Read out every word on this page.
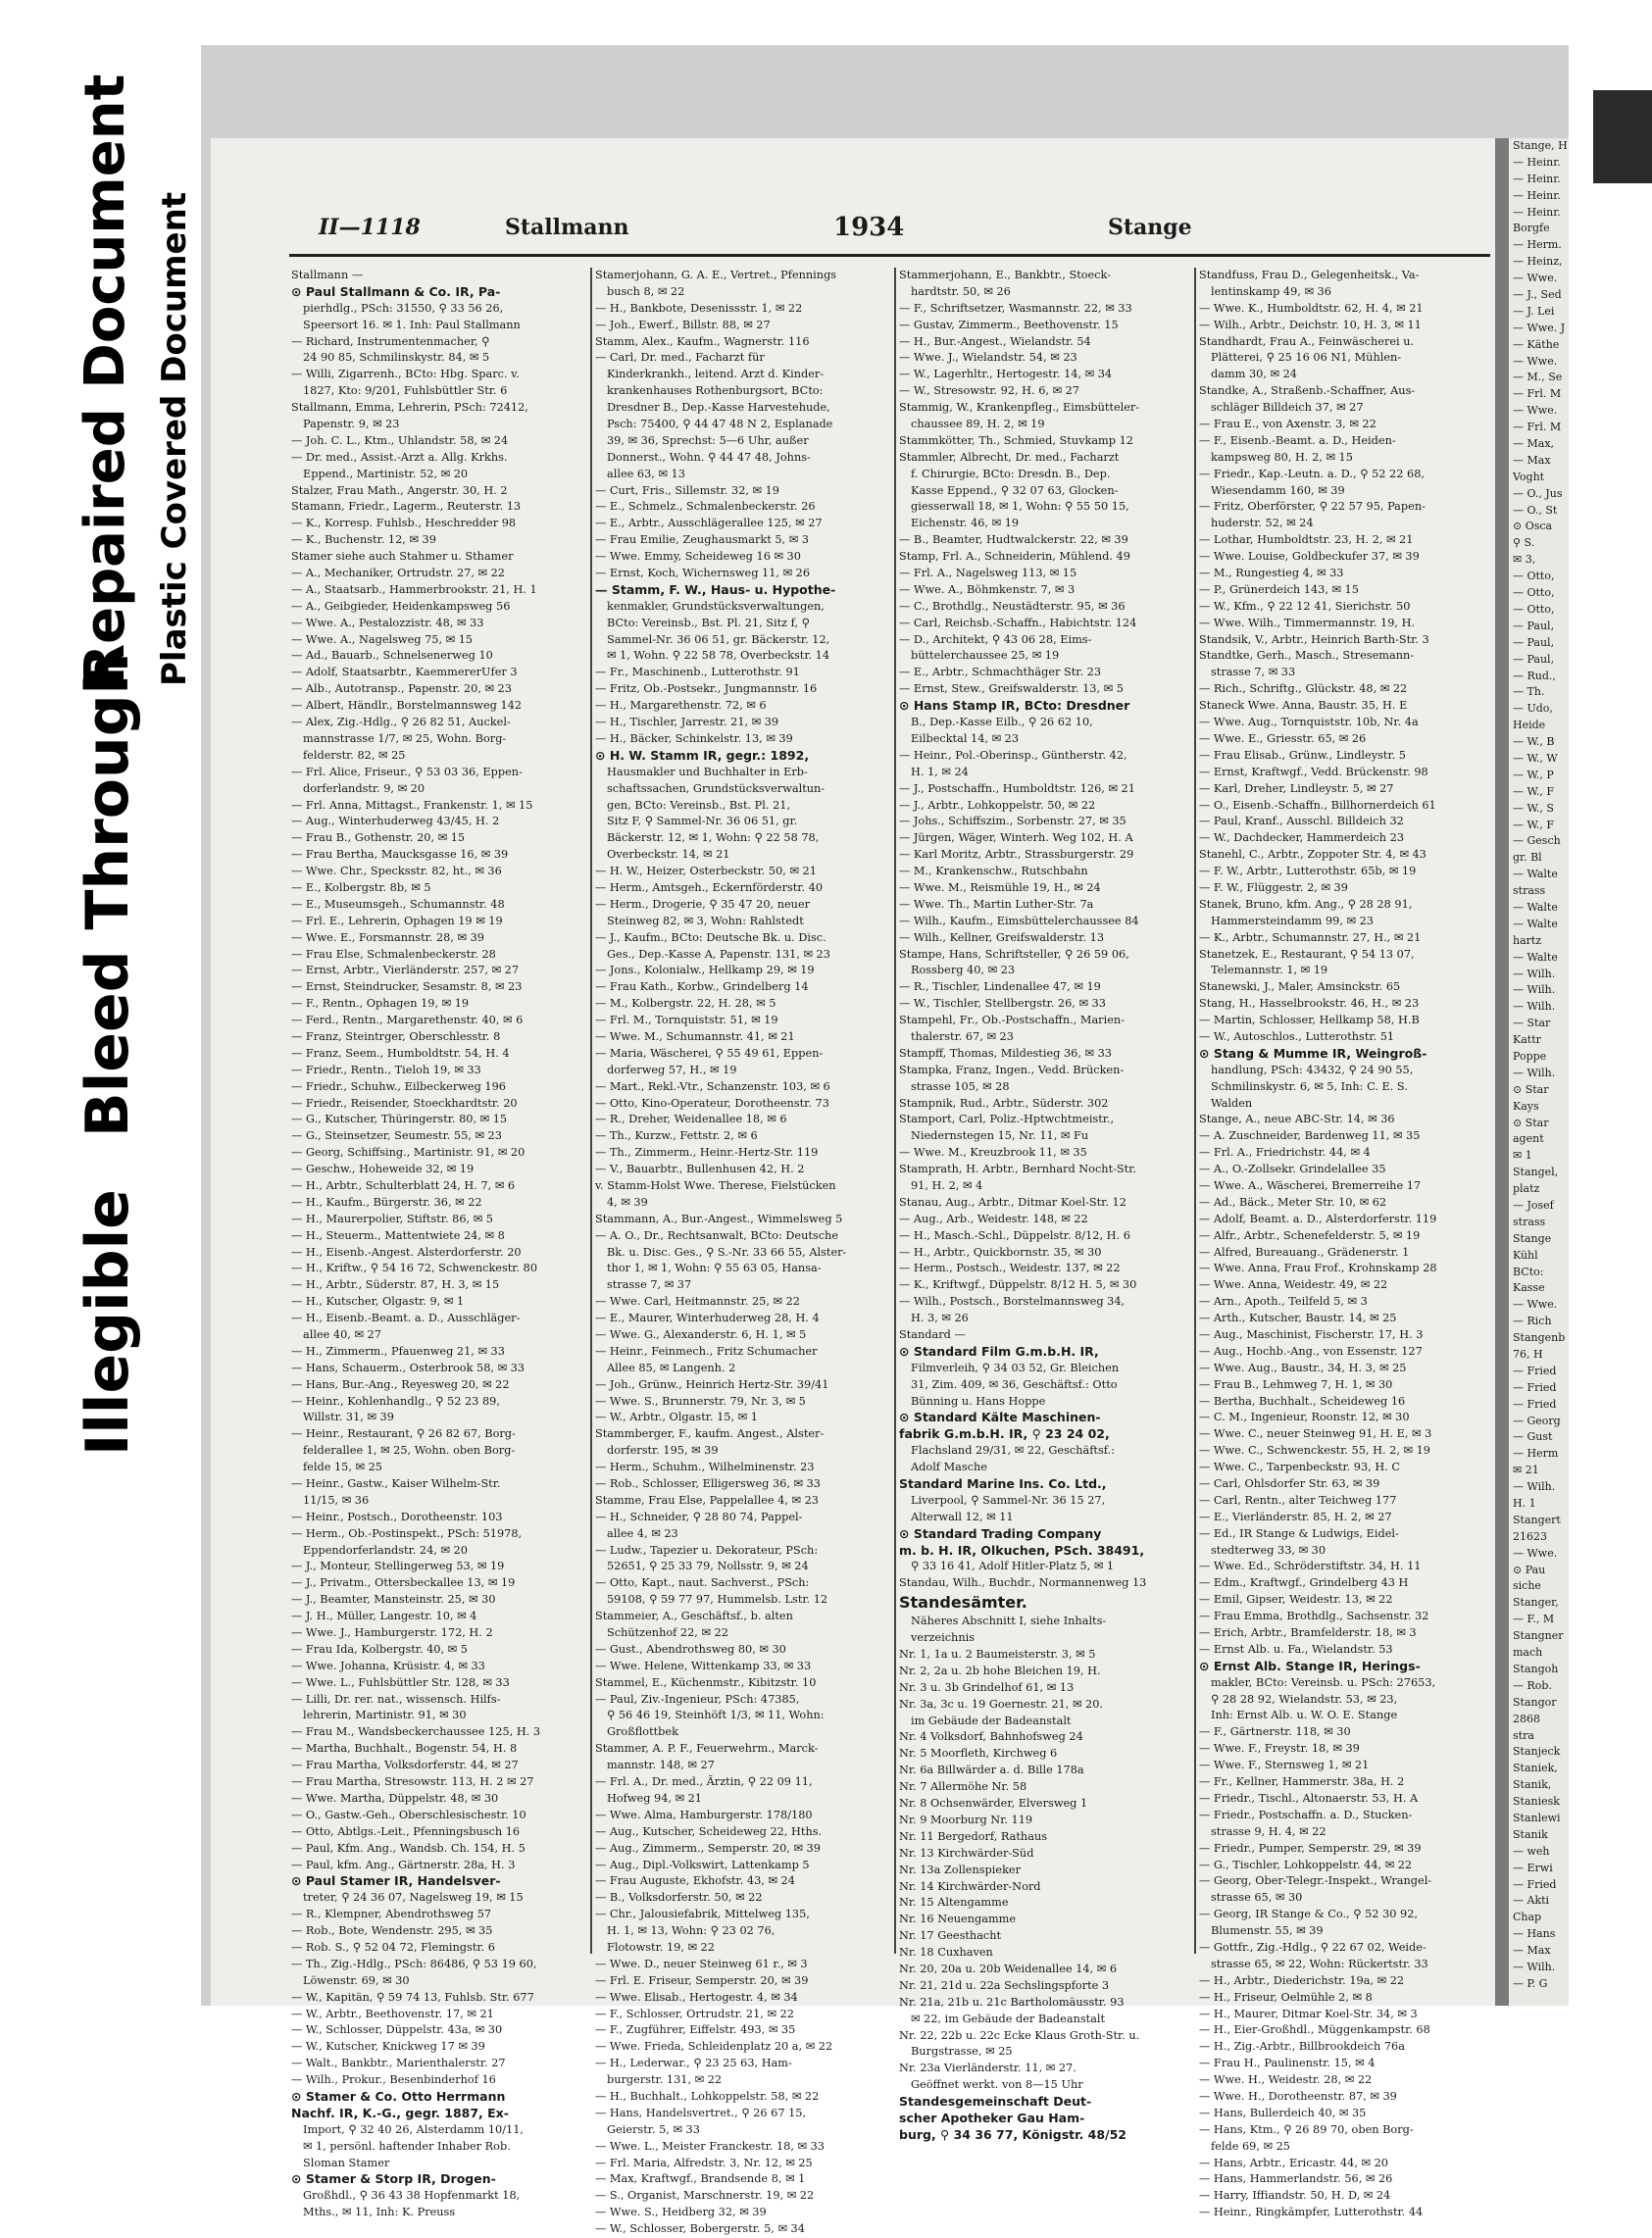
Illegible
Bleed Through
Repaired Document Plastic Covered Document	II—1118	Stallmann	1934	Stange
Stallmann —
⊙ Paul Stallmann & Co. IR, Pa-
pierhdlg., PSch: 31550, ⚲ 33 56 26,
Speersort 16. ✉ 1. Inh: Paul Stallmann
— Richard, Instrumentenmacher, ⚲
24 90 85, Schmilinskystr. 84, ✉ 5
— Willi, Zigarrenh., BCto: Hbg. Sparc. v.
1827, Kto: 9/201, Fuhlsbüttler Str. 6
Stallmann, Emma, Lehrerin, PSch: 72412,
Papenstr. 9, ✉ 23
— Joh. C. L., Ktm., Uhlandstr. 58, ✉ 24
— Dr. med., Assist.-Arzt a. Allg. Krkhs.
Eppend., Martinistr. 52, ✉ 20
Stalzer, Frau Math., Angerstr. 30, H. 2
Stamann, Friedr., Lagerm., Reuterstr. 13
— K., Korresp. Fuhlsb., Heschredder 98
— K., Buchenstr. 12, ✉ 39
Stamer siehe auch Stahmer u. Sthamer
— A., Mechaniker, Ortrudstr. 27, ✉ 22
— A., Staatsarb., Hammerbrookstr. 21, H. 1
— A., Geibgieder, Heidenkampsweg 56
— Wwe. A., Pestalozzistr. 48, ✉ 33
— Wwe. A., Nagelsweg 75, ✉ 15
— Ad., Bauarb., Schnelsenerweg 10
— Adolf, Staatsarbtr., KaemmererUfer 3
— Alb., Autotransp., Papenstr. 20, ✉ 23
— Albert, Händlr., Borstelmannsweg 142
— Alex, Zig.-Hdlg., ⚲ 26 82 51, Auckel-
mannstrasse 1/7, ✉ 25, Wohn. Borg-
felderstr. 82, ✉ 25
— Frl. Alice, Friseur., ⚲ 53 03 36, Eppen-
dorferlandstr. 9, ✉ 20
— Frl. Anna, Mittagst., Frankenstr. 1, ✉ 15
— Aug., Winterhuderweg 43/45, H. 2
— Frau B., Gothenstr. 20, ✉ 15
— Frau Bertha, Maucksgasse 16, ✉ 39
— Wwe. Chr., Specksstr. 82, ht., ✉ 36
— E., Kolbergstr. 8b, ✉ 5
— E., Museumsgeh., Schumannstr. 48
— Frl. E., Lehrerin, Ophagen 19 ✉ 19
— Wwe. E., Forsmannstr. 28, ✉ 39
— Frau Else, Schmalenbeckerstr. 28
— Ernst, Arbtr., Vierländerstr. 257, ✉ 27
— Ernst, Steindrucker, Sesamstr. 8, ✉ 23
— F., Rentn., Ophagen 19, ✉ 19
— Ferd., Rentn., Margarethenstr. 40, ✉ 6
— Franz, Steintrger, Oberschlesstr. 8
— Franz, Seem., Humboldtstr. 54, H. 4
— Friedr., Rentn., Tieloh 19, ✉ 33
— Friedr., Schuhw., Eilbeckerweg 196
— Friedr., Reisender, Stoeckhardtstr. 20
— G., Kutscher, Thüringerstr. 80, ✉ 15
— G., Steinsetzer, Seumestr. 55, ✉ 23
— Georg, Schiffsing., Martinistr. 91, ✉ 20
— Geschw., Hoheweide 32, ✉ 19
— H., Arbtr., Schulterblatt 24, H. 7, ✉ 6
— H., Kaufm., Bürgerstr. 36, ✉ 22
— H., Maurerpolier, Stiftstr. 86, ✉ 5
— H., Steuerm., Mattentwiete 24, ✉ 8
— H., Eisenb.-Angest. Alsterdorferstr. 20
— H., Kriftw., ⚲ 54 16 72, Schwenckestr. 80
— H., Arbtr., Süderstr. 87, H. 3, ✉ 15
— H., Kutscher, Olgastr. 9, ✉ 1
— H., Eisenb.-Beamt. a. D., Ausschläger-
allee 40, ✉ 27
— H., Zimmerm., Pfauenweg 21, ✉ 33
— Hans, Schauerm., Osterbrook 58, ✉ 33
— Hans, Bur.-Ang., Reyesweg 20, ✉ 22
— Heinr., Kohlenhandlg., ⚲ 52 23 89,
Willstr. 31, ✉ 39
— Heinr., Restaurant, ⚲ 26 82 67, Borg-
felderallee 1, ✉ 25, Wohn. oben Borg-
felde 15, ✉ 25
— Heinr., Gastw., Kaiser Wilhelm-Str.
11/15, ✉ 36
— Heinr., Postsch., Dorotheenstr. 103
— Herm., Ob.-Postinspekt., PSch: 51978,
Eppendorferlandstr. 24, ✉ 20
— J., Monteur, Stellingerweg 53, ✉ 19
— J., Privatm., Ottersbeckallee 13, ✉ 19
— J., Beamter, Mansteinstr. 25, ✉ 30
— J. H., Müller, Langestr. 10, ✉ 4
— Wwe. J., Hamburgerstr. 172, H. 2
— Frau Ida, Kolbergstr. 40, ✉ 5
— Wwe. Johanna, Krüsistr. 4, ✉ 33
— Wwe. L., Fuhlsbüttler Str. 128, ✉ 33
— Lilli, Dr. rer. nat., wissensch. Hilfs-
lehrerin, Martinistr. 91, ✉ 30
— Frau M., Wandsbeckerchaussee 125, H. 3
— Martha, Buchhalt., Bogenstr. 54, H. 8
— Frau Martha, Volksdorferstr. 44, ✉ 27
— Frau Martha, Stresowstr. 113, H. 2 ✉ 27
— Wwe. Martha, Düppelstr. 48, ✉ 30
— O., Gastw.-Geh., Oberschlesischestr. 10
— Otto, Abtlgs.-Leit., Pfenningsbusch 16
— Paul, Kfm. Ang., Wandsb. Ch. 154, H. 5
— Paul, kfm. Ang., Gärtnerstr. 28a, H. 3
⊙ Paul Stamer IR, Handelsver-
treter, ⚲ 24 36 07, Nagelsweg 19, ✉ 15
— R., Klempner, Abendrothsweg 57
— Rob., Bote, Wendenstr. 295, ✉ 35
— Rob. S., ⚲ 52 04 72, Flemingstr. 6
— Th., Zig.-Hdlg., PSch: 86486, ⚲ 53 19 60,
Löwenstr. 69, ✉ 30
— W., Kapitän, ⚲ 59 74 13, Fuhlsb. Str. 677
— W., Arbtr., Beethovenstr. 17, ✉ 21
— W., Schlosser, Düppelstr. 43a, ✉ 30
— W., Kutscher, Knickweg 17 ✉ 39
— Walt., Bankbtr., Marienthalerstr. 27
— Wilh., Prokur., Besenbinderhof 16
⊙ Stamer & Co. Otto Herrmann
Nachf. IR, K.-G., gegr. 1887, Ex-
Import, ⚲ 32 40 26, Alsterdamm 10/11,
✉ 1, persönl. haftender Inhaber Rob.
Sloman Stamer
⊙ Stamer & Storp IR, Drogen-
Großhdl., ⚲ 36 43 38 Hopfenmarkt 18,
Mths., ✉ 11, Inh: K. Preuss
Stamerjohann, G. A. E., Vertret., Pfennings
busch 8, ✉ 22
— H., Bankbote, Desenissstr. 1, ✉ 22
— Joh., Ewerf., Billstr. 88, ✉ 27
Stamm, Alex., Kaufm., Wagnerstr. 116
— Carl, Dr. med., Facharzt für
Kinderkrankh., leitend. Arzt d. Kinder-
krankenhauses Rothenburgsort, BCto:
Dresdner B., Dep.-Kasse Harvestehude,
Psch: 75400, ⚲ 44 47 48 N 2, Esplanade
39, ✉ 36, Sprechst: 5—6 Uhr, außer
Donnerst., Wohn. ⚲ 44 47 48, Johns-
allee 63, ✉ 13
— Curt, Fris., Sillemstr. 32, ✉ 19
— E., Schmelz., Schmalenbeckerstr. 26
— E., Arbtr., Ausschlägerallee 125, ✉ 27
— Frau Emilie, Zeughausmarkt 5, ✉ 3
— Wwe. Emmy, Scheideweg 16 ✉ 30
— Ernst, Koch, Wichernsweg 11, ✉ 26
— Stamm, F. W., Haus- u. Hypothe-
kenmakler, Grundstücksverwaltungen,
BCto: Vereinsb., Bst. Pl. 21, Sitz f, ⚲
Sammel-Nr. 36 06 51, gr. Bäckerstr. 12,
✉ 1, Wohn. ⚲ 22 58 78, Overbeckstr. 14
— Fr., Maschinenb., Lutterothstr. 91
— Fritz, Ob.-Postsekr., Jungmannstr. 16
— H., Margarethenstr. 72, ✉ 6
— H., Tischler, Jarrestr. 21, ✉ 39
— H., Bäcker, Schinkelstr. 13, ✉ 39
⊙ H. W. Stamm IR, gegr.: 1892,
Hausmakler und Buchhalter in Erb-
schaftssachen, Grundstücksverwaltun-
gen, BCto: Vereinsb., Bst. Pl. 21,
Sitz F, ⚲ Sammel-Nr. 36 06 51, gr.
Bäckerstr. 12, ✉ 1, Wohn: ⚲ 22 58 78,
Overbeckstr. 14, ✉ 21
— H. W., Heizer, Osterbeckstr. 50, ✉ 21
— Herm., Amtsgeh., Eckernförderstr. 40
— Herm., Drogerie, ⚲ 35 47 20, neuer
Steinweg 82, ✉ 3, Wohn: Rahlstedt
— J., Kaufm., BCto: Deutsche Bk. u. Disc.
Ges., Dep.-Kasse A, Papenstr. 131, ✉ 23
— Jons., Kolonialw., Hellkamp 29, ✉ 19
— Frau Kath., Korbw., Grindelberg 14
— M., Kolbergstr. 22, H. 28, ✉ 5
— Frl. M., Tornquiststr. 51, ✉ 19
— Wwe. M., Schumannstr. 41, ✉ 21
— Maria, Wäscherei, ⚲ 55 49 61, Eppen-
dorferweg 57, H., ✉ 19
— Mart., Rekl.-Vtr., Schanzenstr. 103, ✉ 6
— Otto, Kino-Operateur, Dorotheenstr. 73
— R., Dreher, Weidenallee 18, ✉ 6
— Th., Kurzw., Fettstr. 2, ✉ 6
— Th., Zimmerm., Heinr.-Hertz-Str. 119
— V., Bauarbtr., Bullenhusen 42, H. 2
v. Stamm-Holst Wwe. Therese, Fielstücken
4, ✉ 39
Stammann, A., Bur.-Angest., Wimmelsweg 5
— A. O., Dr., Rechtsanwalt, BCto: Deutsche
Bk. u. Disc. Ges., ⚲ S.-Nr. 33 66 55, Alster-
thor 1, ✉ 1, Wohn: ⚲ 55 63 05, Hansa-
strasse 7, ✉ 37
— Wwe. Carl, Heitmannstr. 25, ✉ 22
— E., Maurer, Winterhuderweg 28, H. 4
— Wwe. G., Alexanderstr. 6, H. 1, ✉ 5
— Heinr., Feinmech., Fritz Schumacher
Allee 85, ✉ Langenh. 2
— Joh., Grünw., Heinrich Hertz-Str. 39/41
— Wwe. S., Brunnerstr. 79, Nr. 3, ✉ 5
— W., Arbtr., Olgastr. 15, ✉ 1
Stammberger, F., kaufm. Angest., Alster-
dorferstr. 195, ✉ 39
— Herm., Schuhm., Wilhelminenstr. 23
— Rob., Schlosser, Elligersweg 36, ✉ 33
Stamme, Frau Else, Pappelallee 4, ✉ 23
— H., Schneider, ⚲ 28 80 74, Pappel-
allee 4, ✉ 23
— Ludw., Tapezier u. Dekorateur, PSch:
52651, ⚲ 25 33 79, Nollsstr. 9, ✉ 24
— Otto, Kapt., naut. Sachverst., PSch:
59108, ⚲ 59 77 97, Hummelsb. Lstr. 12
Stammeier, A., Geschäftsf., b. alten
Schützenhof 22, ✉ 22
— Gust., Abendrothsweg 80, ✉ 30
— Wwe. Helene, Wittenkamp 33, ✉ 33
Stammel, E., Küchenmstr., Kibitzstr. 10
— Paul, Ziv.-Ingenieur, PSch: 47385,
⚲ 56 46 19, Steinhöft 1/3, ✉ 11, Wohn:
Großflottbek
Stammer, A. P. F., Feuerwehrm., Marck-
mannstr. 148, ✉ 27
— Frl. A., Dr. med., Ärztin, ⚲ 22 09 11,
Hofweg 94, ✉ 21
— Wwe. Alma, Hamburgerstr. 178/180
— Aug., Kutscher, Scheideweg 22, Hths.
— Aug., Zimmerm., Semperstr. 20, ✉ 39
— Aug., Dipl.-Volkswirt, Lattenkamp 5
— Frau Auguste, Ekhofstr. 43, ✉ 24
— B., Volksdorferstr. 50, ✉ 22
— Chr., Jalousiefabrik, Mittelweg 135,
H. 1, ✉ 13, Wohn: ⚲ 23 02 76,
Flotowstr. 19, ✉ 22
— Wwe. D., neuer Steinweg 61 r., ✉ 3
— Frl. E. Friseur, Semperstr. 20, ✉ 39
— Wwe. Elisab., Hertogestr. 4, ✉ 34
— F., Schlosser, Ortrudstr. 21, ✉ 22
— F., Zugführer, Eiffelstr. 493, ✉ 35
— Wwe. Frieda, Schleidenplatz 20 a, ✉ 22
— H., Lederwar., ⚲ 23 25 63, Ham-
burgerstr. 131, ✉ 22
— H., Buchhalt., Lohkoppelstr. 58, ✉ 22
— Hans, Handelsvertret., ⚲ 26 67 15,
Geierstr. 5, ✉ 33
— Wwe. L., Meister Franckestr. 18, ✉ 33
— Frl. Maria, Alfredstr. 3, Nr. 12, ✉ 25
— Max, Kraftwgf., Brandsende 8, ✉ 1
— S., Organist, Marschnerstr. 19, ✉ 22
— Wwe. S., Heidberg 32, ✉ 39
— W., Schlosser, Bobergerstr. 5, ✉ 34
Stammerjohann, E., Bankbtr., Stoeck-
hardtstr. 50, ✉ 26
— F., Schriftsetzer, Wasmannstr. 22, ✉ 33
— Gustav, Zimmerm., Beethovenstr. 15
— H., Bur.-Angest., Wielandstr. 54
— Wwe. J., Wielandstr. 54, ✉ 23
— W., Lagerhltr., Hertogestr. 14, ✉ 34
— W., Stresowstr. 92, H. 6, ✉ 27
Stammig, W., Krankenpfleg., Eimsbütteler-
chaussee 89, H. 2, ✉ 19
Stammkötter, Th., Schmied, Stuvkamp 12
Stammler, Albrecht, Dr. med., Facharzt
f. Chirurgie, BCto: Dresdn. B., Dep.
Kasse Eppend., ⚲ 32 07 63, Glocken-
giesserwall 18, ✉ 1, Wohn: ⚲ 55 50 15,
Eichenstr. 46, ✉ 19
— B., Beamter, Hudtwalckerstr. 22, ✉ 39
Stamp, Frl. A., Schneiderin, Mühlend. 49
— Frl. A., Nagelsweg 113, ✉ 15
— Wwe. A., Böhmkenstr. 7, ✉ 3
— C., Brothdlg., Neustädterstr. 95, ✉ 36
— Carl, Reichsb.-Schaffn., Habichtstr. 124
— D., Architekt, ⚲ 43 06 28, Eims-
büttelerchaussee 25, ✉ 19
— E., Arbtr., Schmachthäger Str. 23
— Ernst, Stew., Greifswalderstr. 13, ✉ 5
⊙ Hans Stamp IR, BCto: Dresdner
B., Dep.-Kasse Eilb., ⚲ 26 62 10,
Eilbecktal 14, ✉ 23
— Heinr., Pol.-Oberinsp., Güntherstr. 42,
H. 1, ✉ 24
— J., Postschaffn., Humboldtstr. 126, ✉ 21
— J., Arbtr., Lohkoppelstr. 50, ✉ 22
— Johs., Schiffszim., Sorbenstr. 27, ✉ 35
— Jürgen, Wäger, Winterh. Weg 102, H. A
— Karl Moritz, Arbtr., Strassburgerstr. 29
— M., Krankenschw., Rutschbahn
— Wwe. M., Reismühle 19, H., ✉ 24
— Wwe. Th., Martin Luther-Str. 7a
— Wilh., Kaufm., Eimsbüttelerchaussee 84
— Wilh., Kellner, Greifswalderstr. 13
Stampe, Hans, Schriftsteller, ⚲ 26 59 06,
Rossberg 40, ✉ 23
— R., Tischler, Lindenallee 47, ✉ 19
— W., Tischler, Stellbergstr. 26, ✉ 33
Stampehl, Fr., Ob.-Postschaffn., Marien-
thalerstr. 67, ✉ 23
Stampff, Thomas, Mildestieg 36, ✉ 33
Stampka, Franz, Ingen., Vedd. Brücken-
strasse 105, ✉ 28
Stampnik, Rud., Arbtr., Süderstr. 302
Stamport, Carl, Poliz.-Hptwchtmeistr.,
Niedernstegen 15, Nr. 11, ✉ Fu
— Wwe. M., Kreuzbrook 11, ✉ 35
Stamprath, H. Arbtr., Bernhard Nocht-Str.
91, H. 2, ✉ 4
Stanau, Aug., Arbtr., Ditmar Koel-Str. 12
— Aug., Arb., Weidestr. 148, ✉ 22
— H., Masch.-Schl., Düppelstr. 8/12, H. 6
— H., Arbtr., Quickbornstr. 35, ✉ 30
— Herm., Postsch., Weidestr. 137, ✉ 22
— K., Kriftwgf., Düppelstr. 8/12 H. 5, ✉ 30
— Wilh., Postsch., Borstelmannsweg 34,
H. 3, ✉ 26
Standard —
⊙ Standard Film G.m.b.H. IR,
Filmverleih, ⚲ 34 03 52, Gr. Bleichen
31, Zim. 409, ✉ 36, Geschäftsf.: Otto
Bünning u. Hans Hoppe
⊙ Standard Kälte Maschinen-
fabrik G.m.b.H. IR, ⚲ 23 24 02,
Flachsland 29/31, ✉ 22, Geschäftsf.:
Adolf Masche
Standard Marine Ins. Co. Ltd.,
Liverpool, ⚲ Sammel-Nr. 36 15 27,
Alterwall 12, ✉ 11
⊙ Standard Trading Company
m. b. H. IR, Olkuchen, PSch. 38491,
⚲ 33 16 41, Adolf Hitler-Platz 5, ✉ 1
Standau, Wilh., Buchdr., Normannenweg 13
Standesämter.
Näheres Abschnitt I, siehe Inhalts-
verzeichnis
Nr. 1, 1a u. 2 Baumeisterstr. 3, ✉ 5
Nr. 2, 2a u. 2b hohe Bleichen 19, H.
Nr. 3 u. 3b Grindelhof 61, ✉ 13
Nr. 3a, 3c u. 19 Goernestr. 21, ✉ 20.
im Gebäude der Badeanstalt
Nr. 4 Volksdorf, Bahnhofsweg 24
Nr. 5 Moorfleth, Kirchweg 6
Nr. 6a Billwärder a. d. Bille 178a
Nr. 7 Allermöhe Nr. 58
Nr. 8 Ochsenwärder, Elversweg 1
Nr. 9 Moorburg Nr. 119
Nr. 11 Bergedorf, Rathaus
Nr. 13 Kirchwärder-Süd
Nr. 13a Zollenspieker
Nr. 14 Kirchwärder-Nord
Nr. 15 Altengamme
Nr. 16 Neuengamme
Nr. 17 Geesthacht
Nr. 18 Cuxhaven
Nr. 20, 20a u. 20b Weidenallee 14, ✉ 6
Nr. 21, 21d u. 22a Sechslingspforte 3
Nr. 21a, 21b u. 21c Bartholomäusstr. 93
✉ 22, im Gebäude der Badeanstalt
Nr. 22, 22b u. 22c Ecke Klaus Groth-Str. u.
Burgstrasse, ✉ 25
Nr. 23a Vierländerstr. 11, ✉ 27.
Geöffnet werkt. von 8—15 Uhr
Standesgemeinschaft Deut-
scher Apotheker Gau Ham-
burg, ⚲ 34 36 77, Königstr. 48/52
Standfuss, Frau D., Gelegenheitsk., Va-
lentinskamp 49, ✉ 36
— Wwe. K., Humboldtstr. 62, H. 4, ✉ 21
— Wilh., Arbtr., Deichstr. 10, H. 3, ✉ 11
Standhardt, Frau A., Feinwäscherei u.
Plätterei, ⚲ 25 16 06 N1, Mühlen-
damm 30, ✉ 24
Standke, A., Straßenb.-Schaffner, Aus-
schläger Billdeich 37, ✉ 27
— Frau E., von Axenstr. 3, ✉ 22
— F., Eisenb.-Beamt. a. D., Heiden-
kampsweg 80, H. 2, ✉ 15
— Friedr., Kap.-Leutn. a. D., ⚲ 52 22 68,
Wiesendamm 160, ✉ 39
— Fritz, Oberförster, ⚲ 22 57 95, Papen-
huderstr. 52, ✉ 24
— Lothar, Humboldtstr. 23, H. 2, ✉ 21
— Wwe. Louise, Goldbeckufer 37, ✉ 39
— M., Rungestieg 4, ✉ 33
— P., Grünerdeich 143, ✉ 15
— W., Kfm., ⚲ 22 12 41, Sierichstr. 50
— Wwe. Wilh., Timmermannstr. 19, H.
Standsik, V., Arbtr., Heinrich Barth-Str. 3
Standtke, Gerh., Masch., Stresemann-
strasse 7, ✉ 33
— Rich., Schriftg., Glückstr. 48, ✉ 22
Staneck Wwe. Anna, Baustr. 35, H. E
— Wwe. Aug., Tornquiststr. 10b, Nr. 4a
— Wwe. E., Griesstr. 65, ✉ 26
— Frau Elisab., Grünw., Lindleystr. 5
— Ernst, Kraftwgf., Vedd. Brückenstr. 98
— Karl, Dreher, Lindleystr. 5, ✉ 27
— O., Eisenb.-Schaffn., Billhornerdeich 61
— Paul, Kranf., Ausschl. Billdeich 32
— W., Dachdecker, Hammerdeich 23
Stanehl, C., Arbtr., Zoppoter Str. 4, ✉ 43
— F. W., Arbtr., Lutterothstr. 65b, ✉ 19
— F. W., Flüggestr. 2, ✉ 39
Stanek, Bruno, kfm. Ang., ⚲ 28 28 91,
Hammersteindamm 99, ✉ 23
— K., Arbtr., Schumannstr. 27, H., ✉ 21
Stanetzek, E., Restaurant, ⚲ 54 13 07,
Telemannstr. 1, ✉ 19
Stanewski, J., Maler, Amsinckstr. 65
Stang, H., Hasselbrookstr. 46, H., ✉ 23
— Martin, Schlosser, Hellkamp 58, H.B
— W., Autoschlos., Lutterothstr. 51
⊙ Stang & Mumme IR, Weingroß-
handlung, PSch: 43432, ⚲ 24 90 55,
Schmilinskystr. 6, ✉ 5, Inh: C. E. S.
Walden
Stange, A., neue ABC-Str. 14, ✉ 36
— A. Zuschneider, Bardenweg 11, ✉ 35
— Frl. A., Friedrichstr. 44, ✉ 4
— A., O.-Zollsekr. Grindelallee 35
— Wwe. A., Wäscherei, Bremerreihe 17
— Ad., Bäck., Meter Str. 10, ✉ 62
— Adolf, Beamt. a. D., Alsterdorferstr. 119
— Alfr., Arbtr., Schenefelderstr. 5, ✉ 19
— Alfred, Bureauang., Grädenerstr. 1
— Wwe. Anna, Frau Frof., Krohnskamp 28
— Wwe. Anna, Weidestr. 49, ✉ 22
— Arn., Apoth., Teilfeld 5, ✉ 3
— Arth., Kutscher, Baustr. 14, ✉ 25
— Aug., Maschinist, Fischerstr. 17, H. 3
— Aug., Hochb.-Ang., von Essenstr. 127
— Wwe. Aug., Baustr., 34, H. 3, ✉ 25
— Frau B., Lehmweg 7, H. 1, ✉ 30
— Bertha, Buchhalt., Scheideweg 16
— C. M., Ingenieur, Roonstr. 12, ✉ 30
— Wwe. C., neuer Steinweg 91, H. E, ✉ 3
— Wwe. C., Schwenckestr. 55, H. 2, ✉ 19
— Wwe. C., Tarpenbeckstr. 93, H. C
— Carl, Ohlsdorfer Str. 63, ✉ 39
— Carl, Rentn., alter Teichweg 177
— E., Vierländerstr. 85, H. 2, ✉ 27
— Ed., IR Stange & Ludwigs, Eidel-
stedterweg 33, ✉ 30
— Wwe. Ed., Schröderstiftstr. 34, H. 11
— Edm., Kraftwgf., Grindelberg 43 H
— Emil, Gipser, Weidestr. 13, ✉ 22
— Frau Emma, Brothdlg., Sachsenstr. 32
— Erich, Arbtr., Bramfelderstr. 18, ✉ 3
— Ernst Alb. u. Fa., Wielandstr. 53
⊙ Ernst Alb. Stange IR, Herings-
makler, BCto: Vereinsb. u. PSch: 27653,
⚲ 28 28 92, Wielandstr. 53, ✉ 23,
Inh: Ernst Alb. u. W. O. E. Stange
— F., Gärtnerstr. 118, ✉ 30
— Wwe. F., Freystr. 18, ✉ 39
— Wwe. F., Sternsweg 1, ✉ 21
— Fr., Kellner, Hammerstr. 38a, H. 2
— Friedr., Tischl., Altonaerstr. 53, H. A
— Friedr., Postschaffn. a. D., Stucken-
strasse 9, H. 4, ✉ 22
— Friedr., Pumper, Semperstr. 29, ✉ 39
— G., Tischler, Lohkoppelstr. 44, ✉ 22
— Georg, Ober-Telegr.-Inspekt., Wrangel-
strasse 65, ✉ 30
— Georg, IR Stange & Co., ⚲ 52 30 92,
Blumenstr. 55, ✉ 39
— Gottfr., Zig.-Hdlg., ⚲ 22 67 02, Weide-
strasse 65, ✉ 22, Wohn: Rückertstr. 33
— H., Arbtr., Diederichstr. 19a, ✉ 22
— H., Friseur, Oelmühle 2, ✉ 8
— H., Maurer, Ditmar Koel-Str. 34, ✉ 3
— H., Eier-Großhdl., Müggenkampstr. 68
— H., Zig.-Arbtr., Billbrookdeich 76a
— Frau H., Paulinenstr. 15, ✉ 4
— Wwe. H., Weidestr. 28, ✉ 22
— Wwe. H., Dorotheenstr. 87, ✉ 39
— Hans, Bullerdeich 40, ✉ 35
— Hans, Ktm., ⚲ 26 89 70, oben Borg-
felde 69, ✉ 25
— Hans, Arbtr., Ericastr. 44, ✉ 20
— Hans, Hammerlandstr. 56, ✉ 26
— Harry, Iffiandstr. 50, H. D, ✉ 24
— Heinr., Ringkämpfer, Lutterothstr. 44
Stange, H
— Heinr.
— Heinr.
— Heinr.
— Heinr.
Borgfe
— Herm.
— Heinz,
— Wwe.
— J., Sed
— J. Lei
— Wwe. J
— Käthe
— Wwe.
— M., Se
— Frl. M
— Wwe.
— Frl. M
— Max,
— Max
Voght
— O., Jus
— O., St
⊙ Osca
⚲ S.
✉ 3,
— Otto,
— Otto,
— Otto,
— Paul,
— Paul,
— Paul,
— Rud.,
— Th.
— Udo,
Heide
— W., B
— W., W
— W., P
— W., F
— W., S
— W., F
— Gesch
gr. Bl
— Walte
strass
— Walte
— Walte
hartz
— Walte
— Wilh.
— Wilh.
— Wilh.
— Star
Kattr
Poppe
— Wilh.
⊙ Star
Kays
⊙ Star
agent
✉ 1
Stangel,
platz
— Josef
strass
Stange
Kühl
BCto:
Kasse
— Wwe.
— Rich
Stangenb
76, H
— Fried
— Fried
— Fried
— Georg
— Gust
— Herm
✉ 21
— Wilh.
H. 1
Stangert
21623
— Wwe.
⊙ Pau
siche
Stanger,
— F., M
Stangner
mach
Stangoh
— Rob.
Stangor
2868
stra
Stanjeck
Staniek,
Stanik,
Staniesk
Stanlewi
Stanik
— weh
— Erwi
— Fried
— Akti
Chap
— Hans
— Max
— Wilh.
— P. G
